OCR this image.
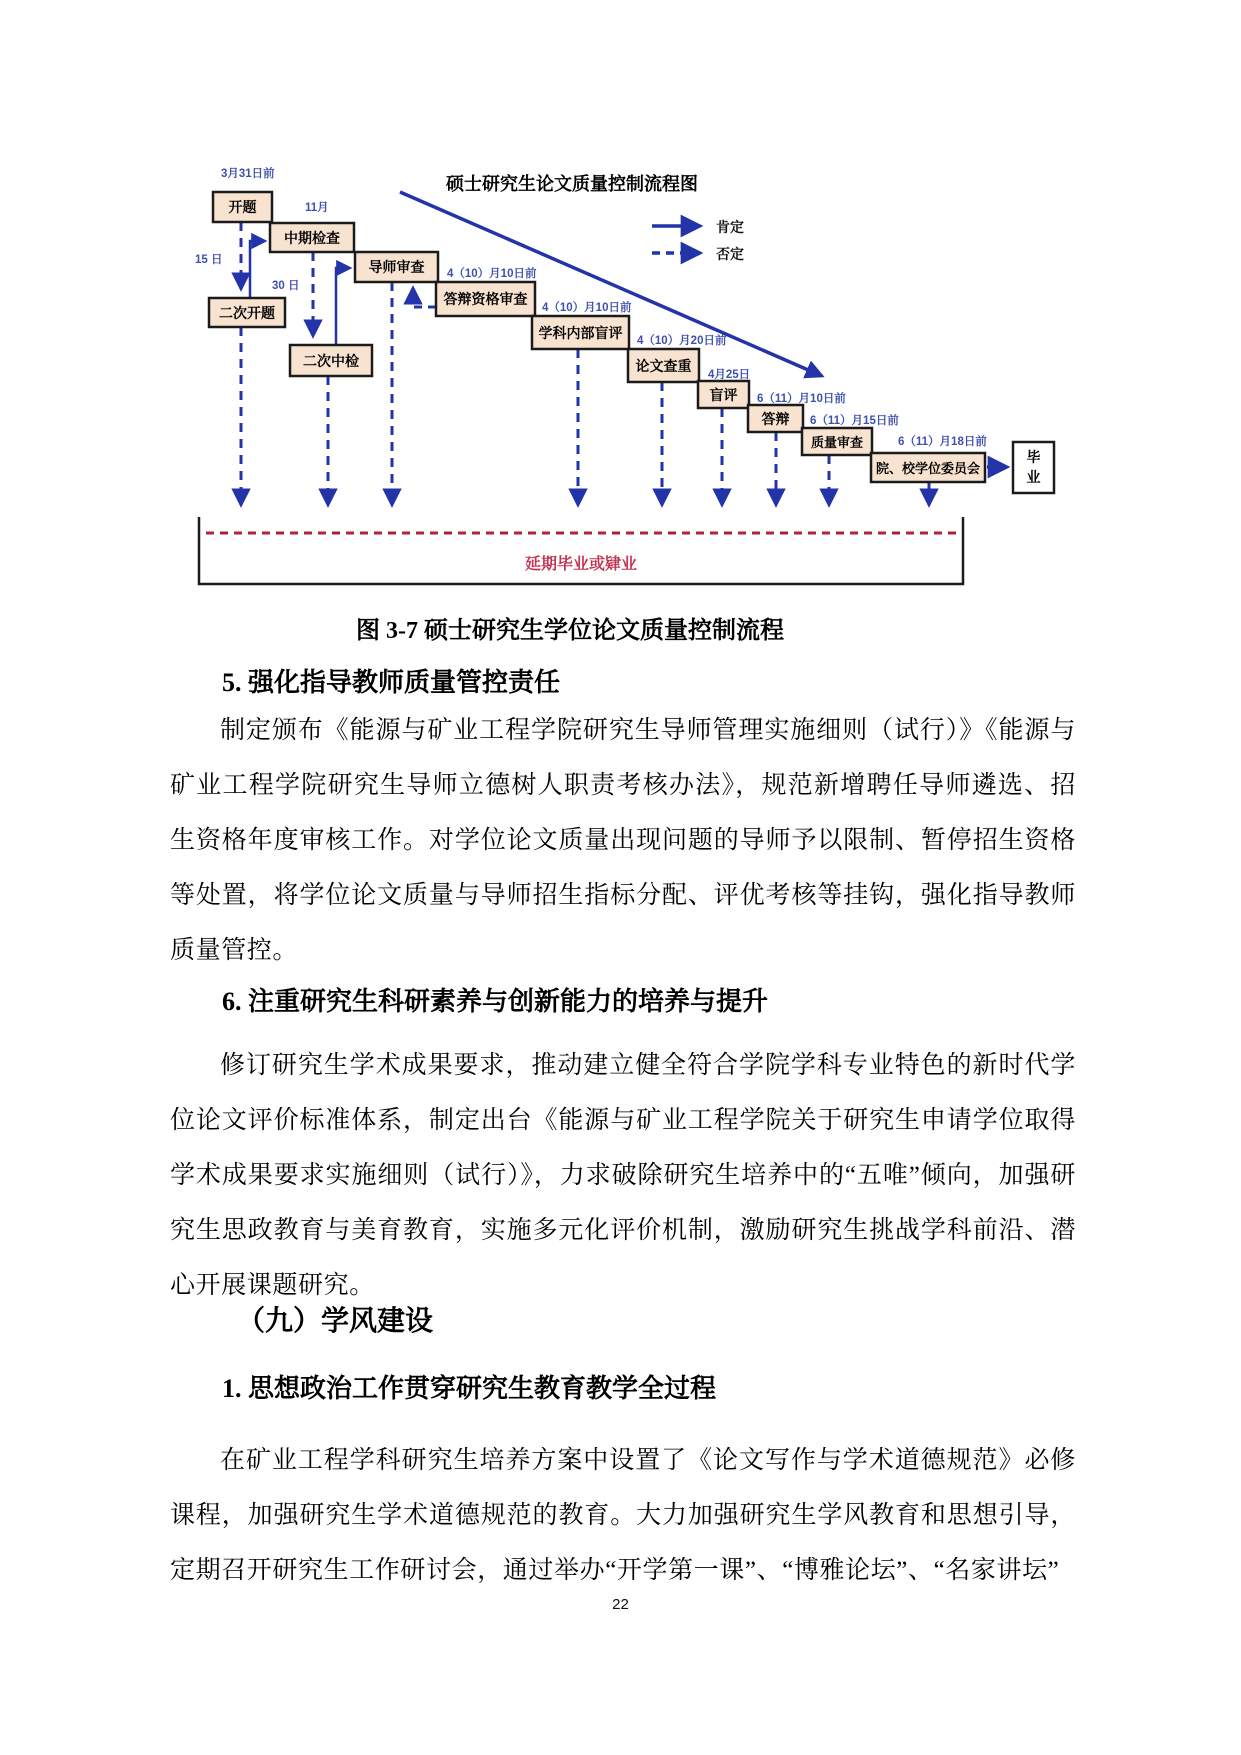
硕士研究生论文质量控制流程图
肯定
否定
开题
中期检查
导师审查
答辩资格审查
学科内部盲评
论文查重
盲评
答辩
质量审查
院、校学位委员会
毕
业
二次开题
二次中检
3月31日前
11月
15 日
30 日
4（10）月10日前
4（10）月10日前
4（10）月20日前
4月25日
6（11）月10日前
6（11）月15日前
6（11）月18日前
延期毕业或肄业
图 3-7 硕士研究生学位论文质量控制流程
5. 强化指导教师质量管控责任
制定颁布《能源与矿业工程学院研究生导师管理实施细则（试行）》《能源与矿业工程学院研究生导师立德树人职责考核办法》，规范新增聘任导师遴选、招生资格年度审核工作。对学位论文质量出现问题的导师予以限制、暂停招生资格等处置，将学位论文质量与导师招生指标分配、评优考核等挂钩，强化指导教师质量管控。
6. 注重研究生科研素养与创新能力的培养与提升
修订研究生学术成果要求，推动建立健全符合学院学科专业特色的新时代学位论文评价标准体系，制定出台《能源与矿业工程学院关于研究生申请学位取得学术成果要求实施细则（试行）》，力求破除研究生培养中的“五唯”倾向，加强研究生思政教育与美育教育，实施多元化评价机制，激励研究生挑战学科前沿、潜心开展课题研究。
（九）学风建设
1. 思想政治工作贯穿研究生教育教学全过程
在矿业工程学科研究生培养方案中设置了《论文写作与学术道德规范》必修课程，加强研究生学术道德规范的教育。大力加强研究生学风教育和思想引导，定期召开研究生工作研讨会，通过举办“开学第一课”、“博雅论坛”、“名家讲坛”
22
